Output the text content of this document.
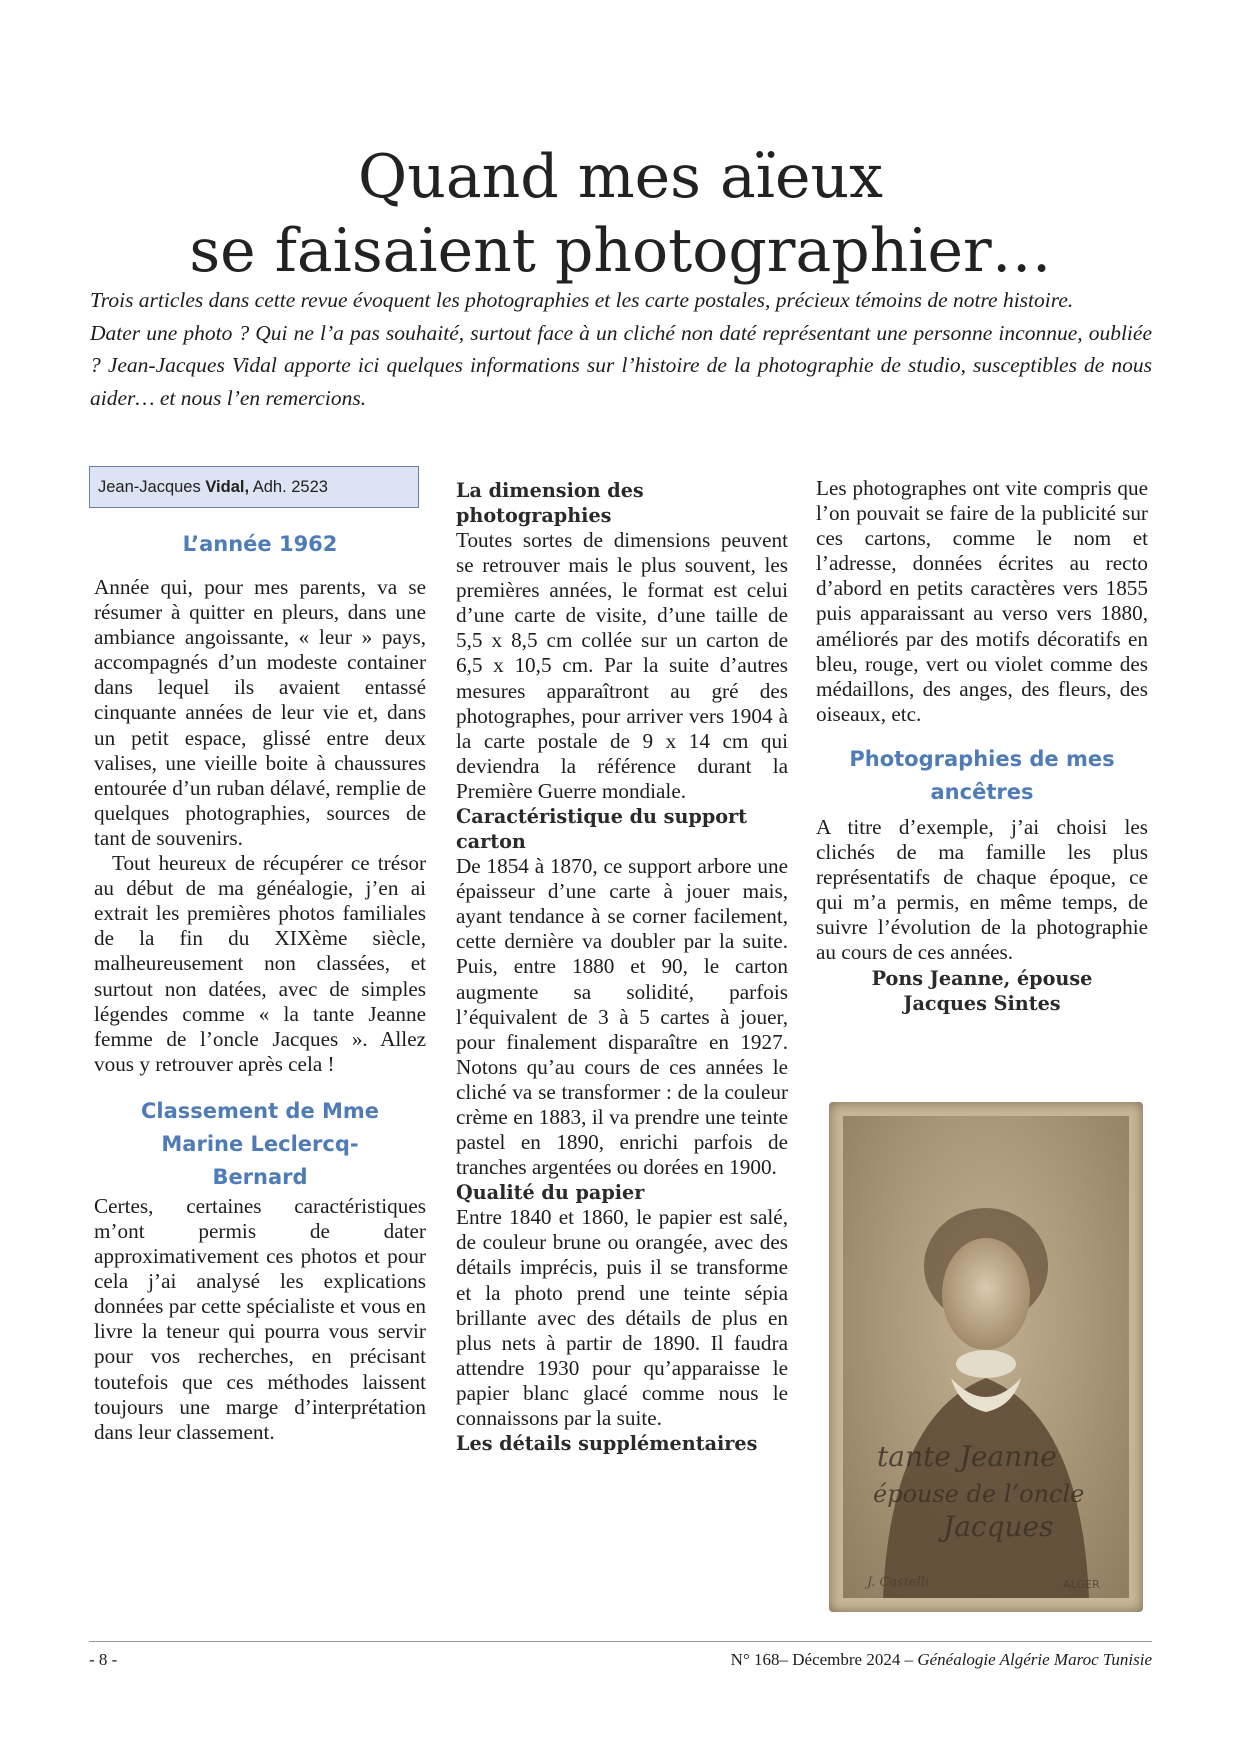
Quand mes aïeux
se faisaient photographier…

Trois articles dans cette revue évoquent les photographies et les carte postales, précieux témoins de notre histoire.

Dater une photo ? Qui ne l’a pas souhaité, surtout face à un cliché non daté représentant une personne inconnue, oubliée ? Jean-Jacques Vidal apporte ici quelques informations sur l’histoire de la photographie de studio, susceptibles de nous aider… et nous l’en remercions.

Jean-Jacques Vidal, Adh. 2523
L’année 1962

Année qui, pour mes parents, va se résumer à quitter en pleurs, dans une ambiance angoissante, « leur » pays, accompagnés d’un modeste container dans lequel ils avaient entassé cinquante années de leur vie et, dans un petit espace, glissé entre deux valises, une vieille boite à chaussures entourée d’un ruban délavé, remplie de quelques photographies, sources de tant de souvenirs.

Tout heureux de récupérer ce trésor au début de ma généalogie, j’en ai extrait les premières photos familiales de la fin du XIXème siècle, malheureusement non classées, et surtout non datées, avec de simples légendes comme « la tante Jeanne femme de l’oncle Jacques ». Allez vous y retrouver après cela !

Classement de Mme Marine Leclercq-Bernard

Certes, certaines caractéristiques m’ont permis de dater approximativement ces photos et pour cela j’ai analysé les explications données par cette spécialiste et vous en livre la teneur qui pourra vous servir pour vos recherches, en précisant toutefois que ces méthodes laissent toujours une marge d’interprétation dans leur classement.

La dimension des photographies

Toutes sortes de dimensions peuvent se retrouver mais le plus souvent, les premières années, le format est celui d’une carte de visite, d’une taille de 5,5 x 8,5 cm collée sur un carton de 6,5 x 10,5 cm. Par la suite d’autres mesures apparaîtront au gré des photographes, pour arriver vers 1904 à la carte postale de 9 x 14 cm qui deviendra la référence durant la Première Guerre mondiale.

Caractéristique du support carton

De 1854 à 1870, ce support arbore une épaisseur d’une carte à jouer mais, ayant tendance à se corner facilement, cette dernière va doubler par la suite. Puis, entre 1880 et 90, le carton augmente sa solidité, parfois l’équivalent de 3 à 5 cartes à jouer, pour finalement disparaître en 1927. Notons qu’au cours de ces années le cliché va se transformer : de la couleur crème en 1883, il va prendre une teinte pastel en 1890, enrichi parfois de tranches argentées ou dorées en 1900.

Qualité du papier

Entre 1840 et 1860, le papier est salé, de couleur brune ou orangée, avec des détails imprécis, puis il se transforme et la photo prend une teinte sépia brillante avec des détails de plus en plus nets à partir de 1890. Il faudra attendre 1930 pour qu’apparaisse le papier blanc glacé comme nous le connaissons par la suite.

Les détails supplémentaires

Les photographes ont vite compris que l’on pouvait se faire de la publicité sur ces cartons, comme le nom et l’adresse, données écrites au recto d’abord en petits caractères vers 1855 puis apparaissant au verso vers 1880, améliorés par des motifs décoratifs en bleu, rouge, vert ou violet comme des médaillons, des anges, des fleurs, des oiseaux, etc.

Photographies de mes ancêtres

A titre d’exemple, j’ai choisi les clichés de ma famille les plus représentatifs de chaque époque, ce qui m’a permis, en même temps, de suivre l’évolution de la photographie au cours de ces années.

Pons Jeanne, épouse Jacques Sintes
tante Jeanne
épouse de l’oncle
Jacques
J. Castelli	ALGER
- 8 -	N° 168– Décembre 2024 – Généalogie Algérie Maroc Tunisie
